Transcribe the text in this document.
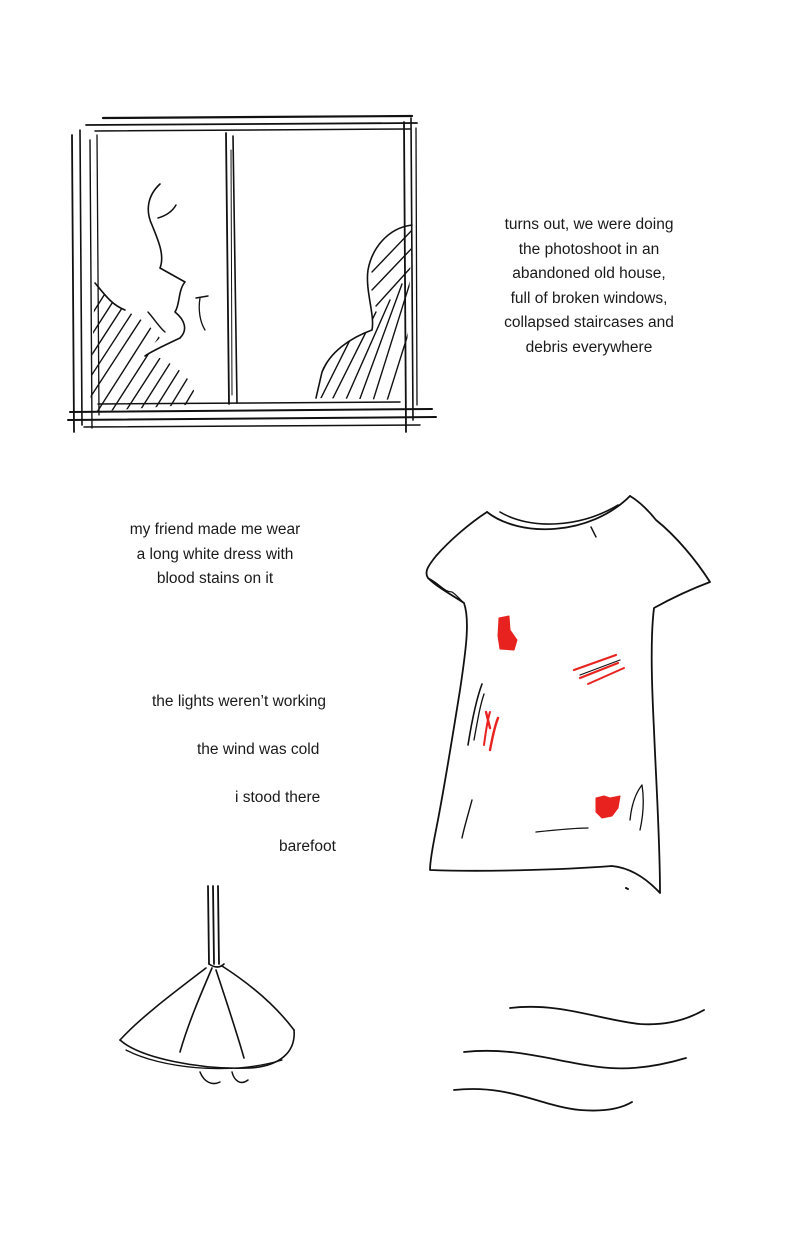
turns out, we were doing
the photoshoot in an
abandoned old house,
full of broken windows,
collapsed staircases and
debris everywhere
my friend made me wear
a long white dress with
blood stains on it

the lights weren’t working

the wind was cold

i stood there

barefoot
